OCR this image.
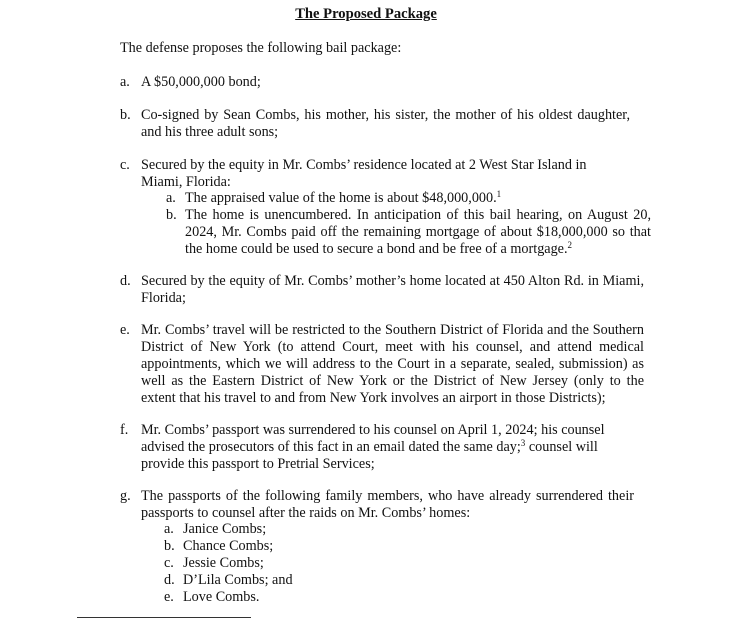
The Proposed Package
The defense proposes the following bail package:
a. A $50,000,000 bond;
b. Co-signed by Sean Combs, his mother, his sister, the mother of his oldest daughter, and his three adult sons;
c. Secured by the equity in Mr. Combs’ residence located at 2 West Star Island in Miami, Florida:
a. The appraised value of the home is about $48,000,000.$^1$
b. The home is unencumbered. In anticipation of this bail hearing, on August 20, 2024, Mr. Combs paid off the remaining mortgage of about $18,000,000 so that the home could be used to secure a bond and be free of a mortgage.$^2$
d. Secured by the equity of Mr. Combs’ mother’s home located at 450 Alton Rd. in Miami, Florida;
e. Mr. Combs’ travel will be restricted to the Southern District of Florida and the Southern District of New York (to attend Court, meet with his counsel, and attend medical appointments, which we will address to the Court in a separate, sealed, submission) as well as the Eastern District of New York or the District of New Jersey (only to the extent that his travel to and from New York involves an airport in those Districts);
f. Mr. Combs’ passport was surrendered to his counsel on April 1, 2024; his counsel advised the prosecutors of this fact in an email dated the same day;$^3$ counsel will provide this passport to Pretrial Services;
g. The passports of the following family members, who have already surrendered their passports to counsel after the raids on Mr. Combs’ homes:
a. Janice Combs;
b. Chance Combs;
c. Jessie Combs;
d. D’Lila Combs; and
e. Love Combs.
